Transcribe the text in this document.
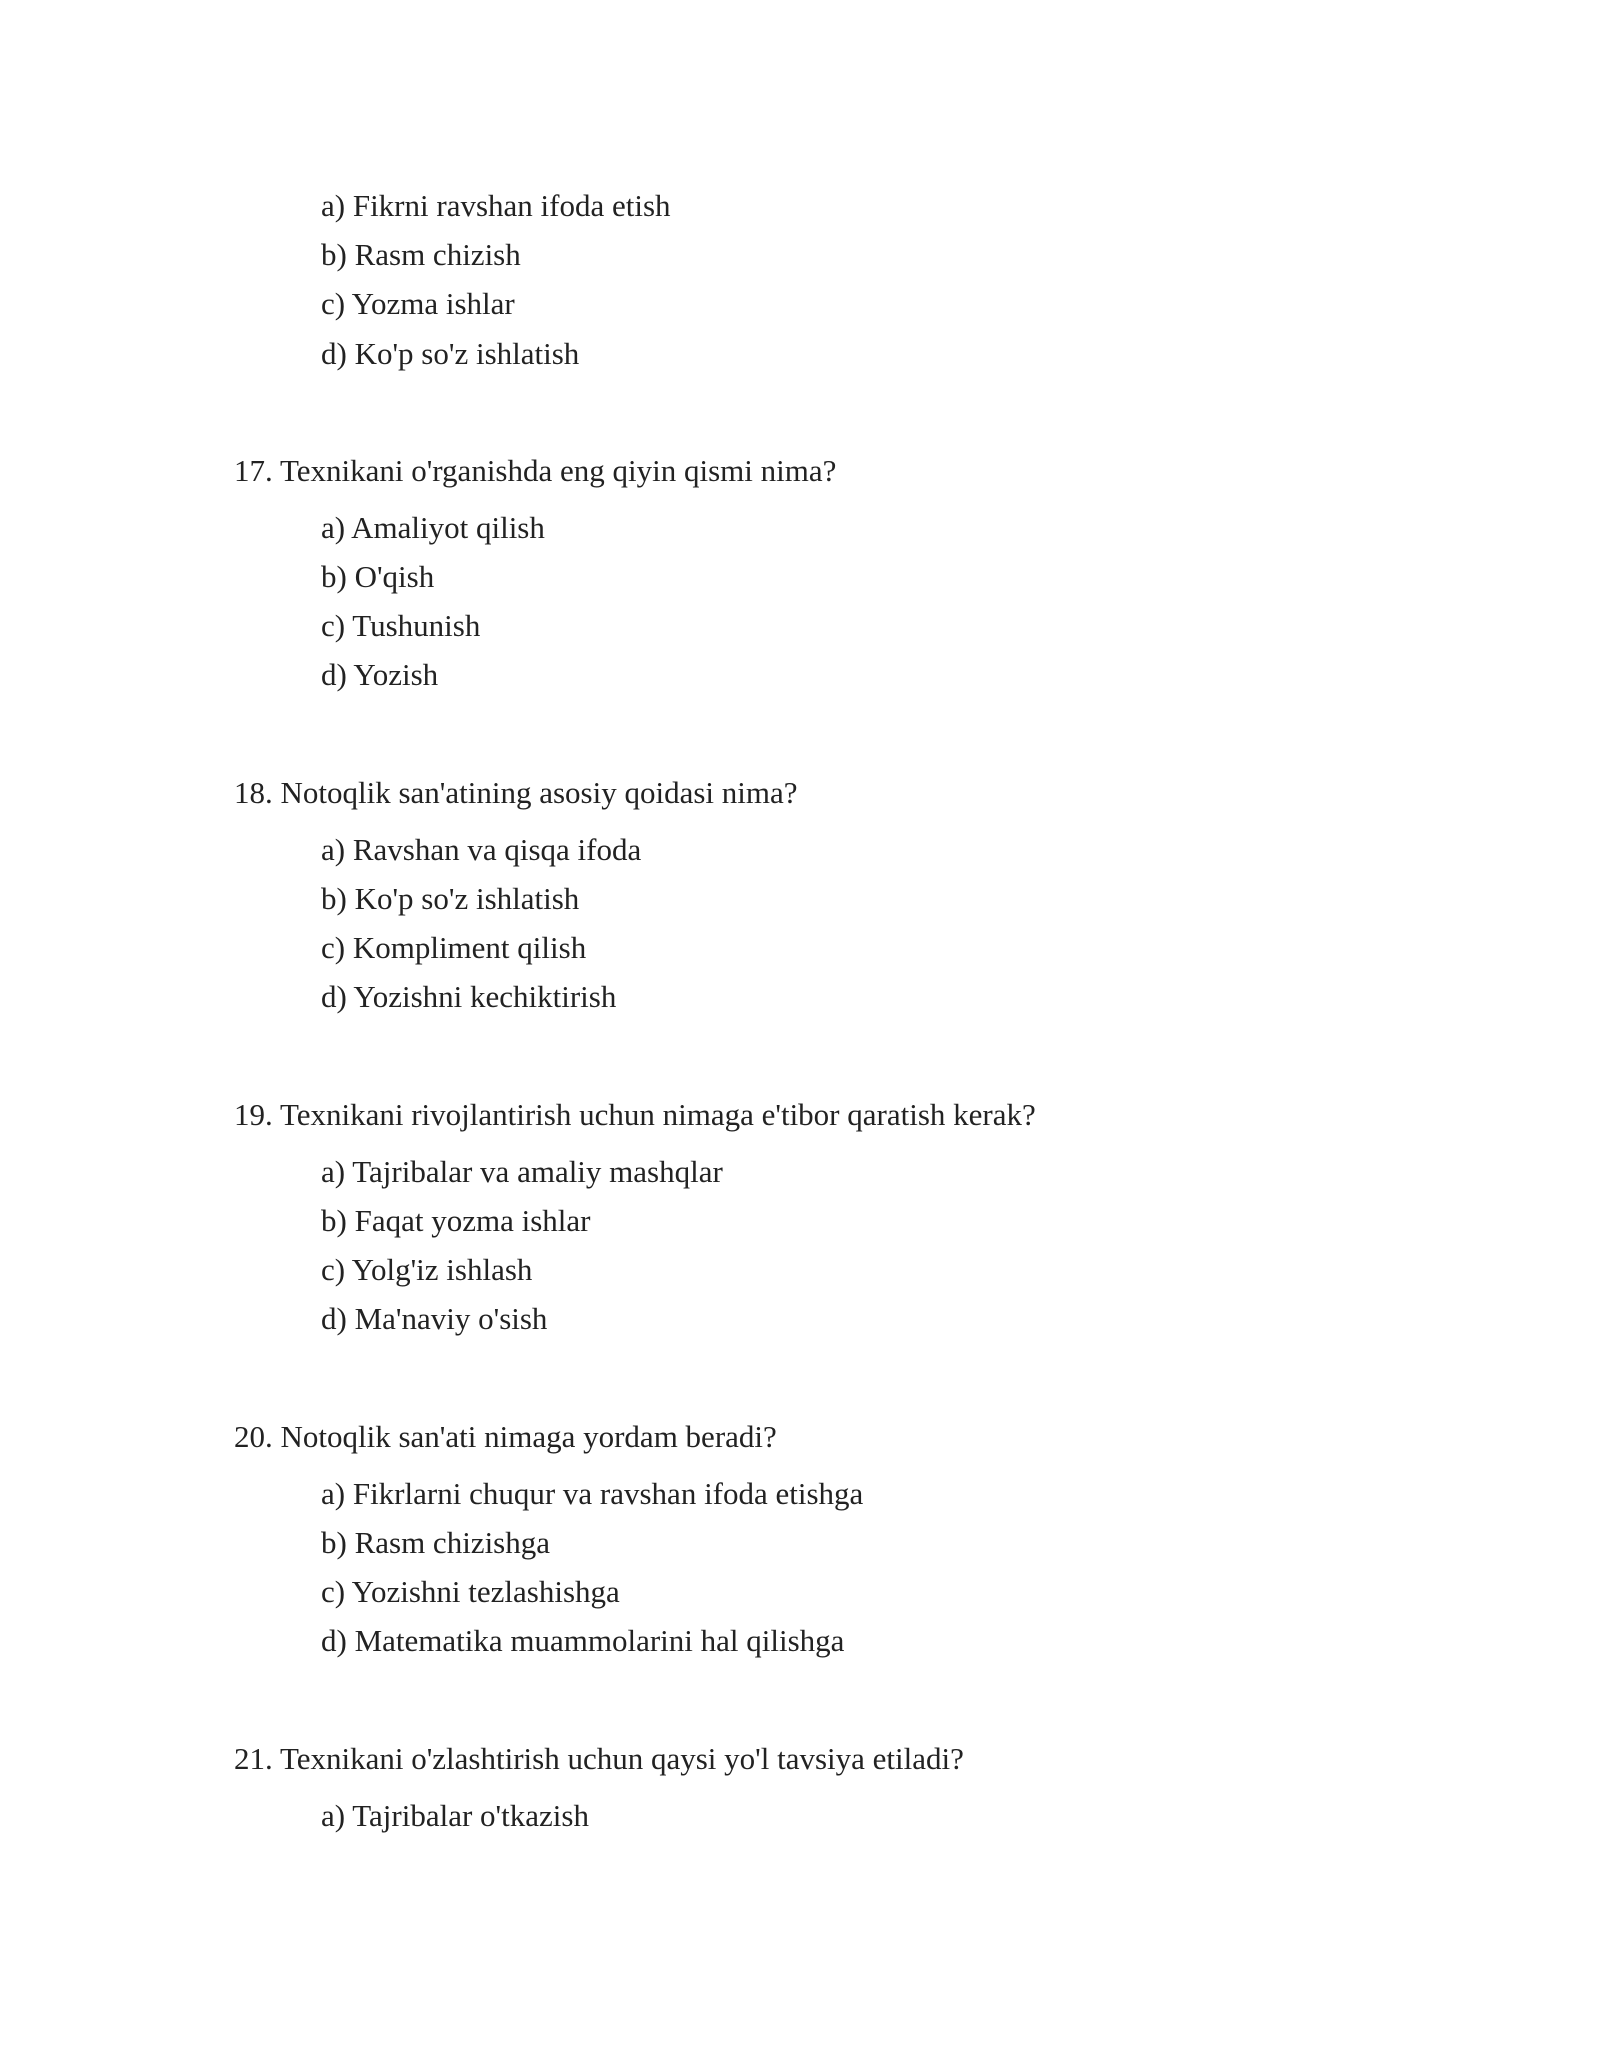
a) Fikrni ravshan ifoda etish
b) Rasm chizish
c) Yozma ishlar
d) Ko'p so'z ishlatish
17. Texnikani o'rganishda eng qiyin qismi nima?
a) Amaliyot qilish
b) O'qish
c) Tushunish
d) Yozish
18. Notoqlik san'atining asosiy qoidasi nima?
a) Ravshan va qisqa ifoda
b) Ko'p so'z ishlatish
c) Kompliment qilish
d) Yozishni kechiktirish
19. Texnikani rivojlantirish uchun nimaga e'tibor qaratish kerak?
a) Tajribalar va amaliy mashqlar
b) Faqat yozma ishlar
c) Yolg'iz ishlash
d) Ma'naviy o'sish
20. Notoqlik san'ati nimaga yordam beradi?
a) Fikrlarni chuqur va ravshan ifoda etishga
b) Rasm chizishga
c) Yozishni tezlashishga
d) Matematika muammolarini hal qilishga
21. Texnikani o'zlashtirish uchun qaysi yo'l tavsiya etiladi?
a) Tajribalar o'tkazish
